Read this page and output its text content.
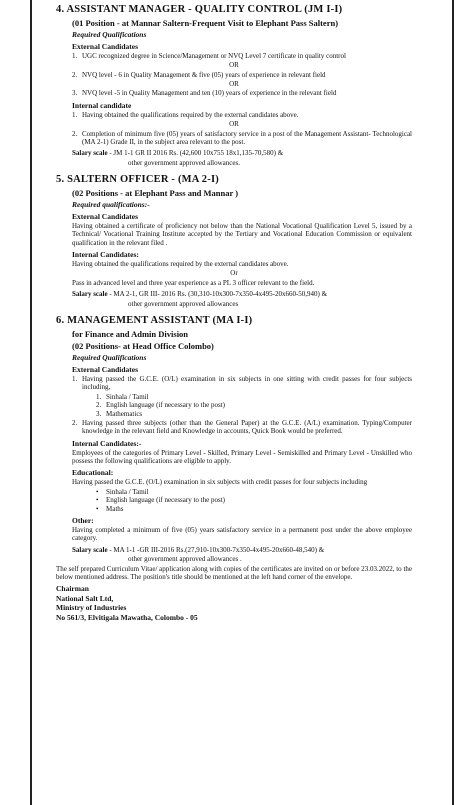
4. ASSISTANT MANAGER - QUALITY CONTROL (JM I-I)
(01 Position - at Mannar Saltern-Frequent Visit to Elephant Pass Saltern)
Required Qualifications
External Candidates
1. UGC recognized degree in Science/Management or NVQ Level 7 certificate in quality control
OR
2. NVQ level - 6 in Quality Management & five (05) years of experience in relevant field
OR
3. NVQ level -5 in Quality Management and ten (10) years of experience in the relevant field
Internal candidate
1. Having obtained the qualifications required by the external candidates above.
OR
2. Completion of minimum five (05) years of satisfactory service in a post of the Management Assistant- Technological (MA 2-1) Grade II, in the subject area relevant to the post.
Salary scale - JM 1-1 GR II 2016 Rs. (42,600 10x755 18x1,135-70,580) &
other government approved allowances.
5. SALTERN OFFICER - (MA 2-I)
(02 Positions - at Elephant Pass and Mannar )
Required qualifications:-
External Candidates
Having obtained a certificate of proficiency not below than the National Vocational Qualification Level 5, issued by a Technical/ Vocational Training Institute accepted by the Tertiary and Vocational Education Commission or equivalent qualification in the relevant filed .
Internal Candidates:
Having obtained the qualifications required by the external candidates above.
Or
Pass in advanced level and three year experience as a PL 3 officer relevant to the field.
Salary scale - MA 2-1, GR III- 2016 Rs. (30,310-10x300-7x350-4x495-20x660-50,940) &
other government approved allowances
6. MANAGEMENT ASSISTANT (MA I-I)
for Finance and Admin Division
(02 Positions- at Head Office Colombo)
Required Qualifications
External Candidates
1. Having passed the G.C.E. (O/L) examination in six subjects in one sitting with credit passes for four subjects including,
1. Sinhala / Tamil
2. English language (if necessary to the post)
3. Mathematics
2. Having passed three subjects (other than the General Paper) at the G.C.E. (A/L) examination. Typing/Computer knowledge in the relevant field and Knowledge in accounts, Quick Book would be preferred.
Internal Candidates:-
Employees of the categories of Primary Level - Skilled, Primary Level - Semiskilled and Primary Level - Unskilled who possess the following qualifications are eligible to apply.
Educational:
Having passed the G.C.E. (O/L) examination in six subjects with credit passes for four subjects including
•	Sinhala / Tamil
•	English language (if necessary to the post)
•	Maths
Other:
Having completed a minimum of five (05) years satisfactory service in a permanent post under the above employee category.
Salary scale - MA 1-1 -GR III-2016 Rs.(27,910-10x300-7x350-4x495-20x660-48,540) &
other government approved allowances .
The self prepared Curriculum Vitae/ application along with copies of the certificates are invited on or before 23.03.2022, to the below mentioned address. The position's title should be mentioned at the left hand corner of the envelope.
Chairman
National Salt Ltd,
Ministry of Industries
No 561/3, Elvitigala Mawatha, Colombo - 05
